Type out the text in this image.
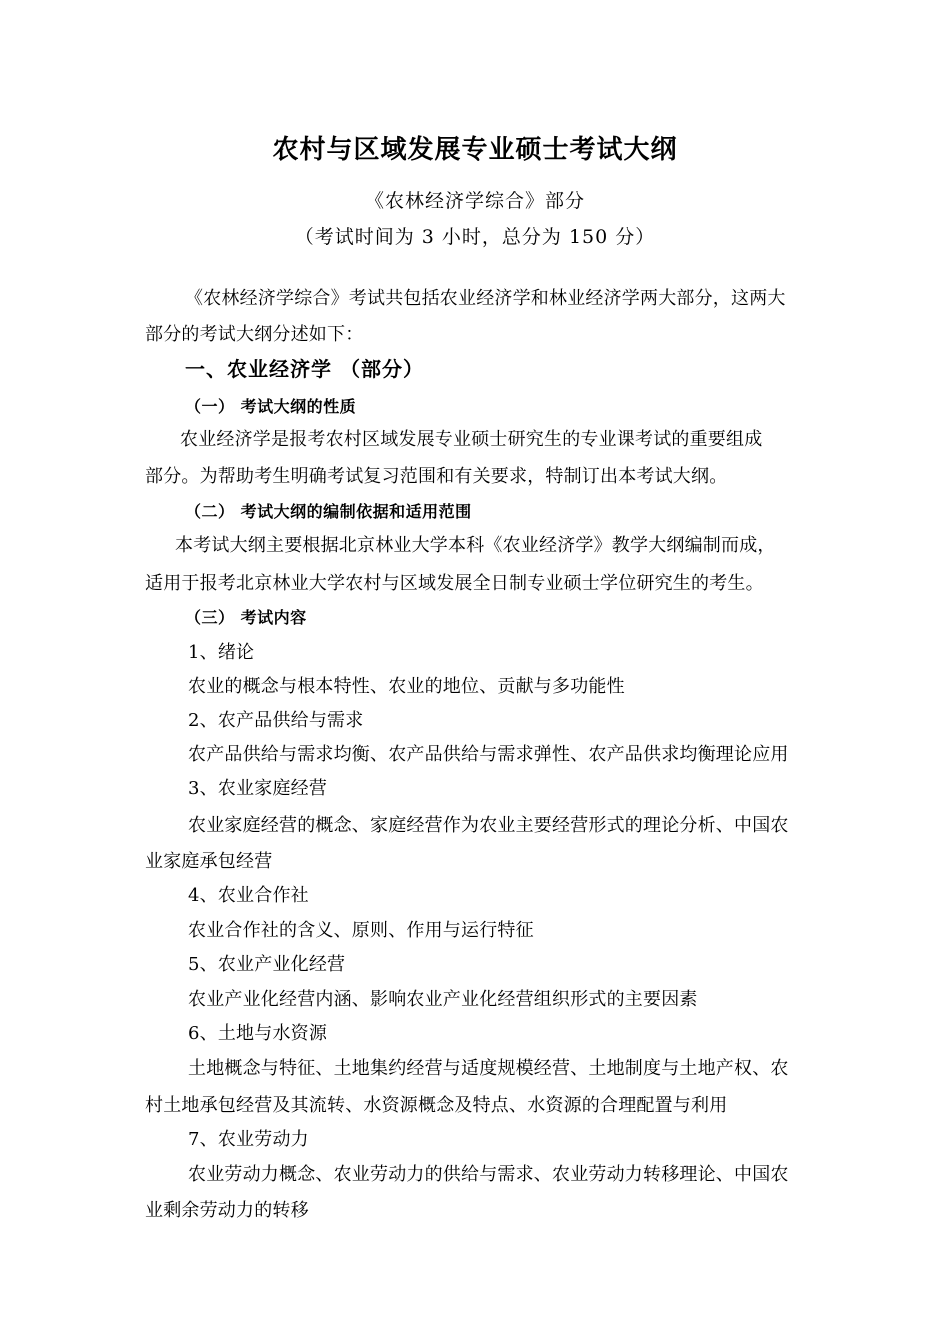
农村与区域发展专业硕士考试大纲
《农林经济学综合》部分
（考试时间为 3 小时，总分为 150 分）
《农林经济学综合》考试共包括农业经济学和林业经济学两大部分，这两大
部分的考试大纲分述如下：
一、农业经济学 （部分）
（一） 考试大纲的性质
农业经济学是报考农村区域发展专业硕士研究生的专业课考试的重要组成
部分。为帮助考生明确考试复习范围和有关要求，特制订出本考试大纲。
（二） 考试大纲的编制依据和适用范围
本考试大纲主要根据北京林业大学本科《农业经济学》教学大纲编制而成，
适用于报考北京林业大学农村与区域发展全日制专业硕士学位研究生的考生。
（三） 考试内容
1、绪论
农业的概念与根本特性、农业的地位、贡献与多功能性
2、农产品供给与需求
农产品供给与需求均衡、农产品供给与需求弹性、农产品供求均衡理论应用
3、农业家庭经营
农业家庭经营的概念、家庭经营作为农业主要经营形式的理论分析、中国农
业家庭承包经营
4、农业合作社
农业合作社的含义、原则、作用与运行特征
5、农业产业化经营
农业产业化经营内涵、影响农业产业化经营组织形式的主要因素
6、土地与水资源
土地概念与特征、土地集约经营与适度规模经营、土地制度与土地产权、农
村土地承包经营及其流转、水资源概念及特点、水资源的合理配置与利用
7、农业劳动力
农业劳动力概念、农业劳动力的供给与需求、农业劳动力转移理论、中国农
业剩余劳动力的转移
